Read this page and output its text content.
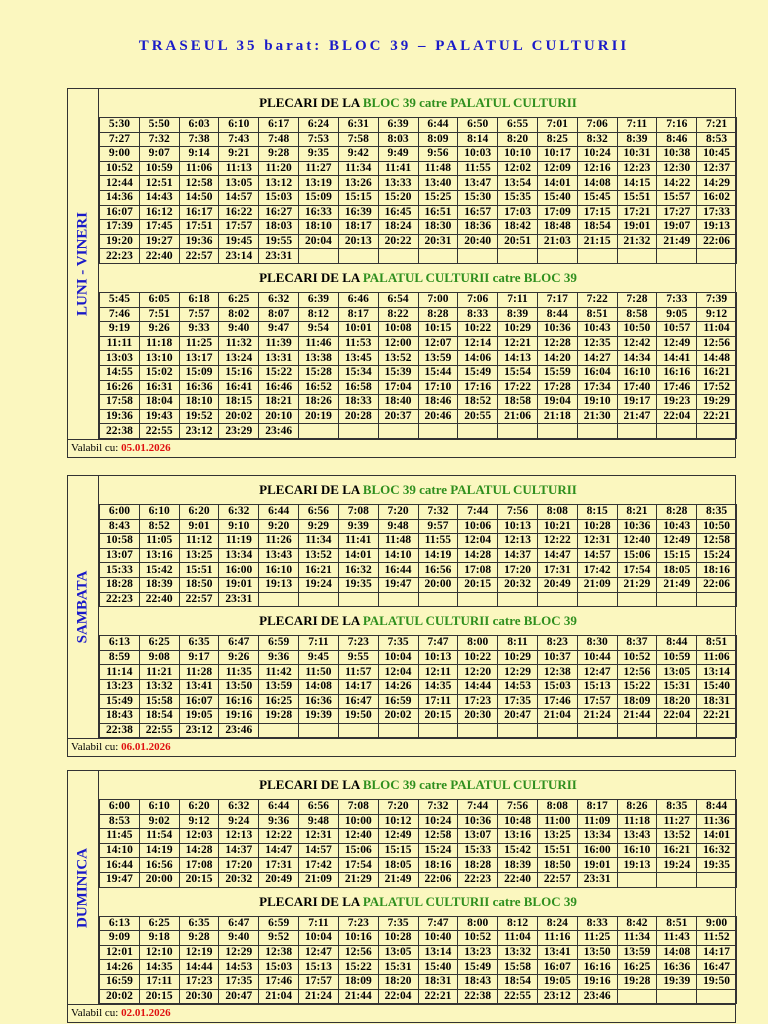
TRASEUL 35 barat: BLOC 39 – PALATUL CULTURII
LUNI - VINERI
PLECARI DE LA BLOC 39 catre PALATUL CULTURII
5:30	5:50	6:03	6:10	6:17	6:24	6:31	6:39	6:44	6:50	6:55	7:01	7:06	7:11	7:16	7:21
7:27	7:32	7:38	7:43	7:48	7:53	7:58	8:03	8:09	8:14	8:20	8:25	8:32	8:39	8:46	8:53
9:00	9:07	9:14	9:21	9:28	9:35	9:42	9:49	9:56	10:03	10:10	10:17	10:24	10:31	10:38	10:45
10:52	10:59	11:06	11:13	11:20	11:27	11:34	11:41	11:48	11:55	12:02	12:09	12:16	12:23	12:30	12:37
12:44	12:51	12:58	13:05	13:12	13:19	13:26	13:33	13:40	13:47	13:54	14:01	14:08	14:15	14:22	14:29
14:36	14:43	14:50	14:57	15:03	15:09	15:15	15:20	15:25	15:30	15:35	15:40	15:45	15:51	15:57	16:02
16:07	16:12	16:17	16:22	16:27	16:33	16:39	16:45	16:51	16:57	17:03	17:09	17:15	17:21	17:27	17:33
17:39	17:45	17:51	17:57	18:03	18:10	18:17	18:24	18:30	18:36	18:42	18:48	18:54	19:01	19:07	19:13
19:20	19:27	19:36	19:45	19:55	20:04	20:13	20:22	20:31	20:40	20:51	21:03	21:15	21:32	21:49	22:06
22:23	22:40	22:57	23:14	23:31											
PLECARI DE LA PALATUL CULTURII catre BLOC 39
5:45	6:05	6:18	6:25	6:32	6:39	6:46	6:54	7:00	7:06	7:11	7:17	7:22	7:28	7:33	7:39
7:46	7:51	7:57	8:02	8:07	8:12	8:17	8:22	8:28	8:33	8:39	8:44	8:51	8:58	9:05	9:12
9:19	9:26	9:33	9:40	9:47	9:54	10:01	10:08	10:15	10:22	10:29	10:36	10:43	10:50	10:57	11:04
11:11	11:18	11:25	11:32	11:39	11:46	11:53	12:00	12:07	12:14	12:21	12:28	12:35	12:42	12:49	12:56
13:03	13:10	13:17	13:24	13:31	13:38	13:45	13:52	13:59	14:06	14:13	14:20	14:27	14:34	14:41	14:48
14:55	15:02	15:09	15:16	15:22	15:28	15:34	15:39	15:44	15:49	15:54	15:59	16:04	16:10	16:16	16:21
16:26	16:31	16:36	16:41	16:46	16:52	16:58	17:04	17:10	17:16	17:22	17:28	17:34	17:40	17:46	17:52
17:58	18:04	18:10	18:15	18:21	18:26	18:33	18:40	18:46	18:52	18:58	19:04	19:10	19:17	19:23	19:29
19:36	19:43	19:52	20:02	20:10	20:19	20:28	20:37	20:46	20:55	21:06	21:18	21:30	21:47	22:04	22:21
22:38	22:55	23:12	23:29	23:46											
Valabil cu: 05.01.2026
SAMBATA
PLECARI DE LA BLOC 39 catre PALATUL CULTURII
6:00	6:10	6:20	6:32	6:44	6:56	7:08	7:20	7:32	7:44	7:56	8:08	8:15	8:21	8:28	8:35
8:43	8:52	9:01	9:10	9:20	9:29	9:39	9:48	9:57	10:06	10:13	10:21	10:28	10:36	10:43	10:50
10:58	11:05	11:12	11:19	11:26	11:34	11:41	11:48	11:55	12:04	12:13	12:22	12:31	12:40	12:49	12:58
13:07	13:16	13:25	13:34	13:43	13:52	14:01	14:10	14:19	14:28	14:37	14:47	14:57	15:06	15:15	15:24
15:33	15:42	15:51	16:00	16:10	16:21	16:32	16:44	16:56	17:08	17:20	17:31	17:42	17:54	18:05	18:16
18:28	18:39	18:50	19:01	19:13	19:24	19:35	19:47	20:00	20:15	20:32	20:49	21:09	21:29	21:49	22:06
22:23	22:40	22:57	23:31												
PLECARI DE LA PALATUL CULTURII catre BLOC 39
6:13	6:25	6:35	6:47	6:59	7:11	7:23	7:35	7:47	8:00	8:11	8:23	8:30	8:37	8:44	8:51
8:59	9:08	9:17	9:26	9:36	9:45	9:55	10:04	10:13	10:22	10:29	10:37	10:44	10:52	10:59	11:06
11:14	11:21	11:28	11:35	11:42	11:50	11:57	12:04	12:11	12:20	12:29	12:38	12:47	12:56	13:05	13:14
13:23	13:32	13:41	13:50	13:59	14:08	14:17	14:26	14:35	14:44	14:53	15:03	15:13	15:22	15:31	15:40
15:49	15:58	16:07	16:16	16:25	16:36	16:47	16:59	17:11	17:23	17:35	17:46	17:57	18:09	18:20	18:31
18:43	18:54	19:05	19:16	19:28	19:39	19:50	20:02	20:15	20:30	20:47	21:04	21:24	21:44	22:04	22:21
22:38	22:55	23:12	23:46												
Valabil cu: 06.01.2026
DUMINICA
PLECARI DE LA BLOC 39 catre PALATUL CULTURII
6:00	6:10	6:20	6:32	6:44	6:56	7:08	7:20	7:32	7:44	7:56	8:08	8:17	8:26	8:35	8:44
8:53	9:02	9:12	9:24	9:36	9:48	10:00	10:12	10:24	10:36	10:48	11:00	11:09	11:18	11:27	11:36
11:45	11:54	12:03	12:13	12:22	12:31	12:40	12:49	12:58	13:07	13:16	13:25	13:34	13:43	13:52	14:01
14:10	14:19	14:28	14:37	14:47	14:57	15:06	15:15	15:24	15:33	15:42	15:51	16:00	16:10	16:21	16:32
16:44	16:56	17:08	17:20	17:31	17:42	17:54	18:05	18:16	18:28	18:39	18:50	19:01	19:13	19:24	19:35
19:47	20:00	20:15	20:32	20:49	21:09	21:29	21:49	22:06	22:23	22:40	22:57	23:31			
PLECARI DE LA PALATUL CULTURII catre BLOC 39
6:13	6:25	6:35	6:47	6:59	7:11	7:23	7:35	7:47	8:00	8:12	8:24	8:33	8:42	8:51	9:00
9:09	9:18	9:28	9:40	9:52	10:04	10:16	10:28	10:40	10:52	11:04	11:16	11:25	11:34	11:43	11:52
12:01	12:10	12:19	12:29	12:38	12:47	12:56	13:05	13:14	13:23	13:32	13:41	13:50	13:59	14:08	14:17
14:26	14:35	14:44	14:53	15:03	15:13	15:22	15:31	15:40	15:49	15:58	16:07	16:16	16:25	16:36	16:47
16:59	17:11	17:23	17:35	17:46	17:57	18:09	18:20	18:31	18:43	18:54	19:05	19:16	19:28	19:39	19:50
20:02	20:15	20:30	20:47	21:04	21:24	21:44	22:04	22:21	22:38	22:55	23:12	23:46			
Valabil cu: 02.01.2026
